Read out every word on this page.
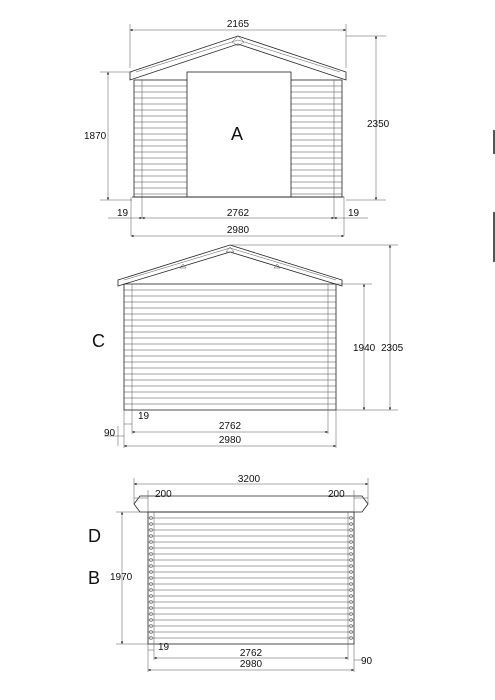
2165
1870
2350
19	2762	19
2980
A
1940 2305
19
2762
90
2980
C
3200
200	200
1970
19
2762
2980	90
D
B
